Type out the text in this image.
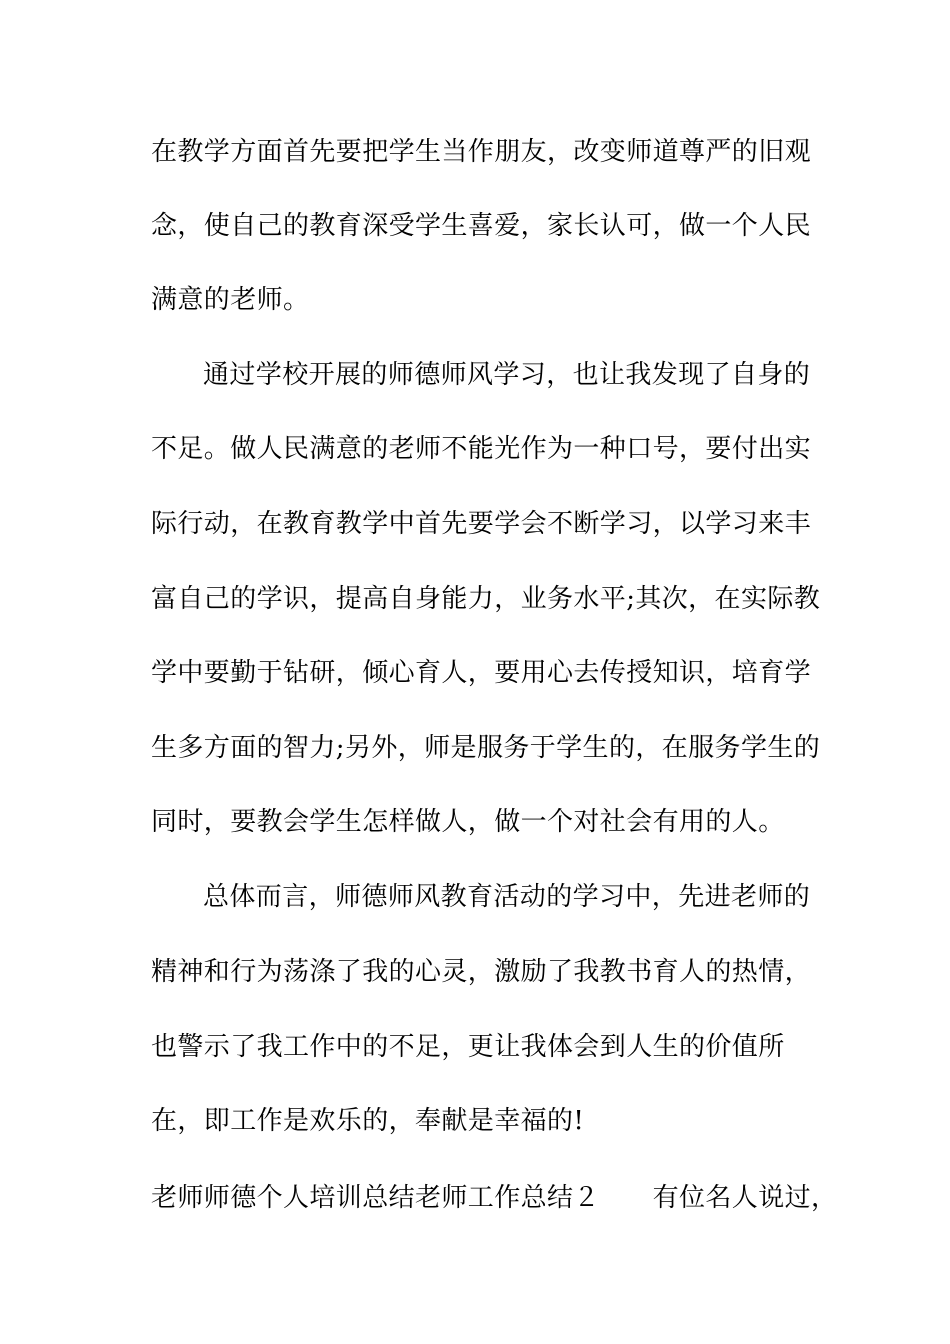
在教学方面首先要把学生当作朋友，改变师道尊严的旧观
念，使自己的教育深受学生喜爱，家长认可，做一个人民
满意的老师。
通过学校开展的师德师风学习，也让我发现了自身的
不足。做人民满意的老师不能光作为一种口号，要付出实
际行动，在教育教学中首先要学会不断学习，以学习来丰
富自己的学识，提高自身能力，业务水平;其次，在实际教
学中要勤于钻研，倾心育人，要用心去传授知识，培育学
生多方面的智力;另外，师是服务于学生的，在服务学生的
同时，要教会学生怎样做人，做一个对社会有用的人。
总体而言，师德师风教育活动的学习中，先进老师的
精神和行为荡涤了我的心灵，激励了我教书育人的热情，
也警示了我工作中的不足，更让我体会到人生的价值所
在，即工作是欢乐的，奉献是幸福的!
老师师德个人培训总结老师工作总结２　　有位名人说过，
